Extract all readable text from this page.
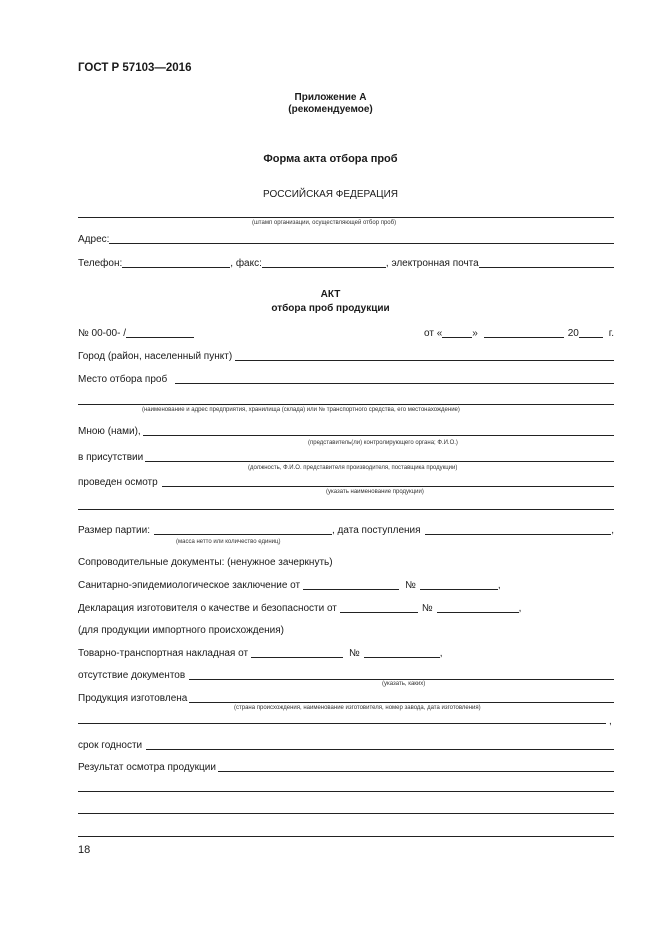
ГОСТ Р 57103—2016
Приложение А
(рекомендуемое)
Форма акта отбора проб
РОССИЙСКАЯ ФЕДЕРАЦИЯ
(штамп организации, осуществляющей отбор проб)
Адрес:
Телефон:	, факс:	, электронная почта
АКТ
отбора проб продукции
№ 00-00- /	от «	»	20	г.
Город (район, населенный пункт)
Место отбора проб
(наименование и адрес предприятия, хранилища (склада) или № транспортного средства, его местонахождение)
Мною (нами),
(представитель(ли) контролирующего органа; Ф.И.О.)
в присутствии
(должность, Ф.И.О. представителя производителя, поставщика продукции)
проведен осмотр
(указать наименование продукции)
Размер партии:	, дата поступления	,
(масса нетто или количество единиц)
Сопроводительные документы: (ненужное зачеркнуть)
Санитарно-эпидемиологическое заключение от	№	,
Декларация изготовителя о качестве и безопасности от	№	,
(для продукции импортного происхождения)
Товарно-транспортная накладная от	№	,
отсутствие документов
(указать, каких)
Продукция изготовлена
(страна происхождения, наименование изготовителя, номер завода, дата изготовления)
,
срок годности
Результат осмотра продукции
18
